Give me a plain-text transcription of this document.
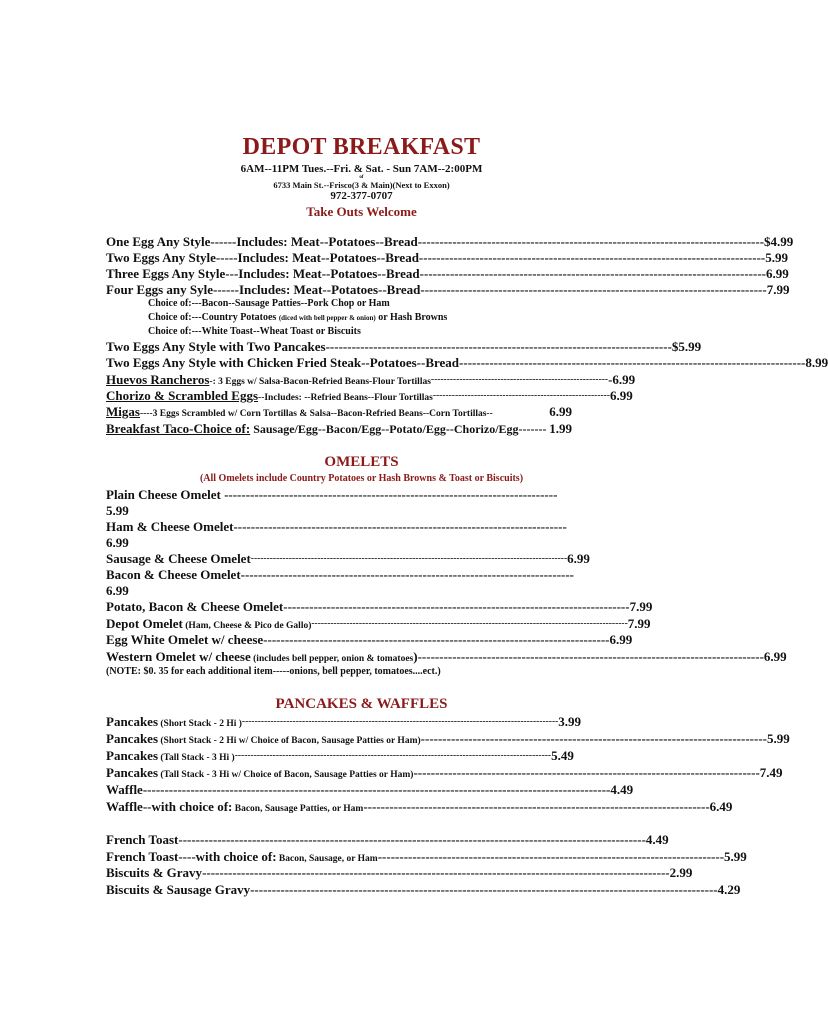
DEPOT BREAKFAST
6AM--11PM Tues.--Fri. & Sat. - Sun 7AM--2:00PM
of
6733 Main St.--Frisco(3 & Main)(Next to Exxon)
972-377-0707
Take Outs Welcome
One Egg Any Style------Includes: Meat--Potatoes--Bread -------------------------------------------------------------------------------- $4.99
Two Eggs Any Style-----Includes: Meat--Potatoes--Bread -------------------------------------------------------------------------------- 5.99
Three Eggs Any Style---Includes: Meat--Potatoes--Bread -------------------------------------------------------------------------------- 6.99
Four Eggs any Syle------Includes: Meat--Potatoes--Bread -------------------------------------------------------------------------------- 7.99
Choice of:---Bacon--Sausage Patties--Pork Chop or Ham
Choice of:---Country Potatoes (diced with bell pepper & onion) or Hash Browns
Choice of:---White Toast--Wheat Toast or Biscuits
Two Eggs Any Style with Two Pancakes -------------------------------------------------------------------------------- $5.99
Two Eggs Any Style with Chicken Fried Steak--Potatoes--Bread -------------------------------------------------------------------------------- 8.99
Huevos Rancheros-: 3 Eggs w/ Salsa-Bacon-Refried Beans-Flour Tortillas -------------------------------------------------------- -6.99
Chorizo & Scrambled Eggs--Includes: --Refried Beans--Flour Tortillas -------------------------------------------------------- 6.99
Migas----3 Eggs Scrambled w/ Corn Tortillas & Salsa--Bacon-Refried Beans--Corn Tortillas--	6.99
Breakfast Taco-Choice of: Sausage/Egg--Bacon/Egg--Potato/Egg--Chorizo/Egg------- 1.99
OMELETS
(All Omelets include Country Potatoes or Hash Browns & Toast or Biscuits)
Plain Cheese Omelet -----------------------------------------------------------------------------
5.99
Ham & Cheese Omelet-----------------------------------------------------------------------------
6.99
Sausage & Cheese Omelet ---------------------------------------------------------------------------------------------------- 6.99
Bacon & Cheese Omelet-----------------------------------------------------------------------------
6.99
Potato, Bacon & Cheese Omelet -------------------------------------------------------------------------------- 7.99
Depot Omelet (Ham, Cheese & Pico de Gallo) ---------------------------------------------------------------------------------------------------- 7.99
Egg White Omelet w/ cheese -------------------------------------------------------------------------------- 6.99
Western Omelet w/ cheese (includes bell pepper, onion & tomatoes) -------------------------------------------------------------------------------- 6.99
(NOTE: $0. 35 for each additional item-----onions, bell pepper, tomatoes....ect.)
PANCAKES & WAFFLES
Pancakes (Short Stack - 2 Hi ) ---------------------------------------------------------------------------------------------------- 3.99
Pancakes (Short Stack - 2 Hi w/ Choice of Bacon, Sausage Patties or Ham) -------------------------------------------------------------------------------- 5.99
Pancakes (Tall Stack - 3 Hi ) ---------------------------------------------------------------------------------------------------- 5.49
Pancakes (Tall Stack - 3 Hi w/ Choice of Bacon, Sausage Patties or Ham) -------------------------------------------------------------------------------- 7.49
Waffle ------------------------------------------------------------------------------------------------------------ 4.49
Waffle--with choice of: Bacon, Sausage Patties, or Ham -------------------------------------------------------------------------------- 6.49
French Toast ------------------------------------------------------------------------------------------------------------ 4.49
French Toast----with choice of: Bacon, Sausage, or Ham -------------------------------------------------------------------------------- 5.99
Biscuits & Gravy ------------------------------------------------------------------------------------------------------------ 2.99
Biscuits & Sausage Gravy ------------------------------------------------------------------------------------------------------------ 4.29
